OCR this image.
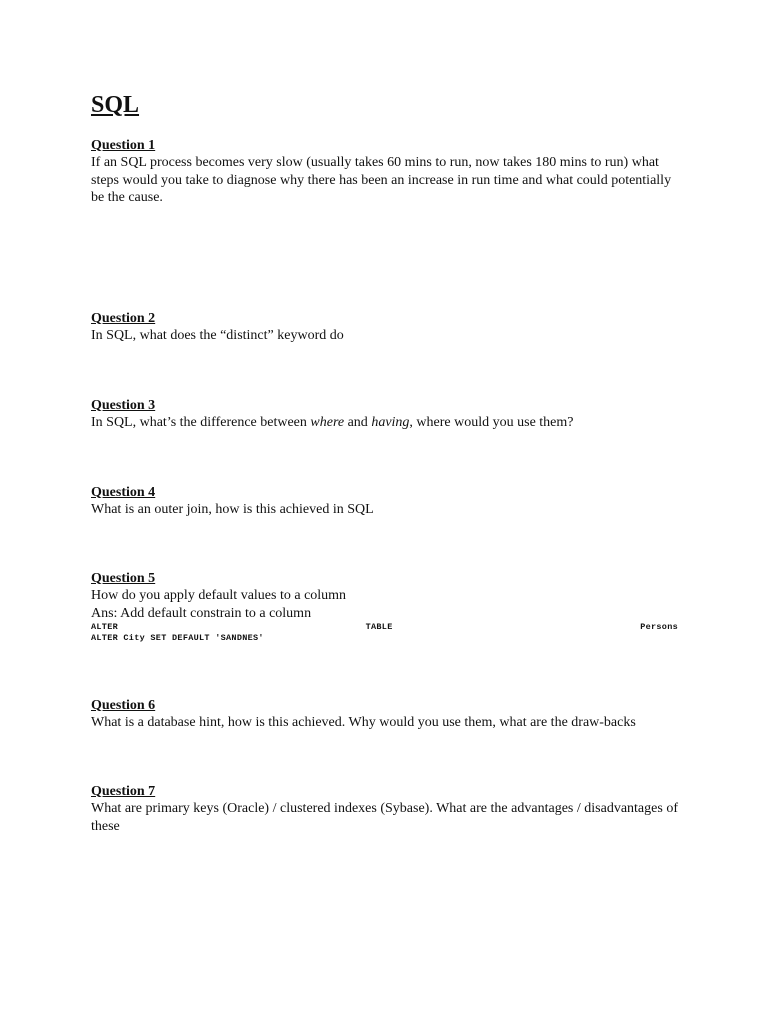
SQL

Question 1

If an SQL process becomes very slow (usually takes 60 mins to run, now takes 180 mins to run) what steps would you take to diagnose why there has been an increase in run time and what could potentially be the cause.

Question 2

In SQL, what does the “distinct” keyword do

Question 3

In SQL, what’s the difference between where and having, where would you use them?

Question 4

What is an outer join, how is this achieved in SQL

Question 5

How do you apply default values to a column

Ans: Add default constrain to a column

ALTER	TABLE	Persons
ALTER City SET DEFAULT 'SANDNES'

Question 6

What is a database hint, how is this achieved. Why would you use them, what are the draw-backs

Question 7

What are primary keys (Oracle) / clustered indexes (Sybase). What are the advantages / disadvantages of these
